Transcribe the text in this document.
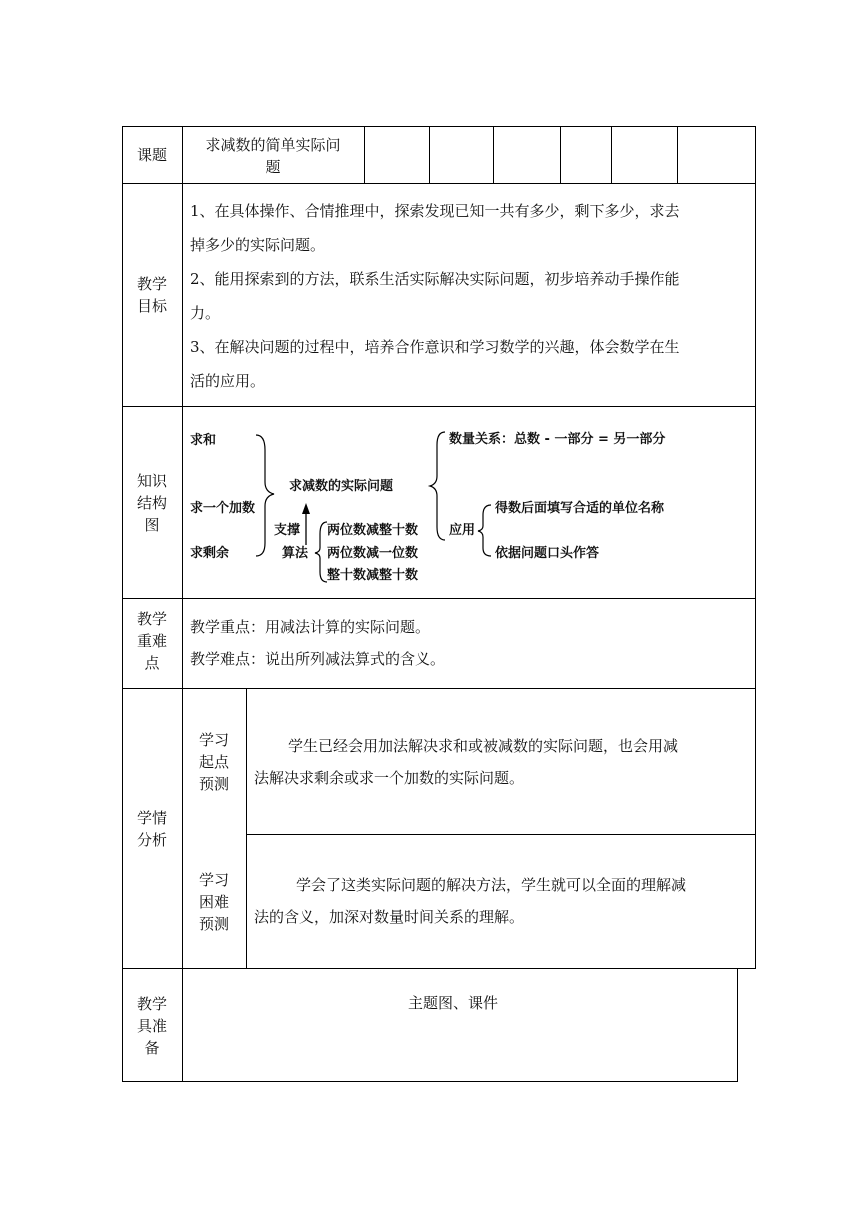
课题
求减数的简单实际问
题
教学
目标

1、在具体操作、合情推理中，探索发现已知一共有多少，剩下多少，求去

掉多少的实际问题。

2、能用探索到的方法，联系生活实际解决实际问题，初步培养动手操作能

力。

3、在解决问题的过程中，培养合作意识和学习数学的兴趣，体会数学在生

活的应用。

知识
结构
图
求和
求一个加数
求剩余
求减数的实际问题
数量关系：总数 - 一部分 = 另一部分
应用
得数后面填写合适的单位名称
依据问题口头作答
支撑
算法
两位数减整十数
两位数减一位数
整十数减整十数
教学
重难
点

教学重点：用减法计算的实际问题。

教学难点：说出所列减法算式的含义。

学情
分析
学习
起点
预测

学生已经会用加法解决求和或被减数的实际问题，也会用减

法解决求剩余或求一个加数的实际问题。

学习
困难
预测

学会了这类实际问题的解决方法，学生就可以全面的理解减

法的含义，加深对数量时间关系的理解。

教学
具准
备
主题图、课件
